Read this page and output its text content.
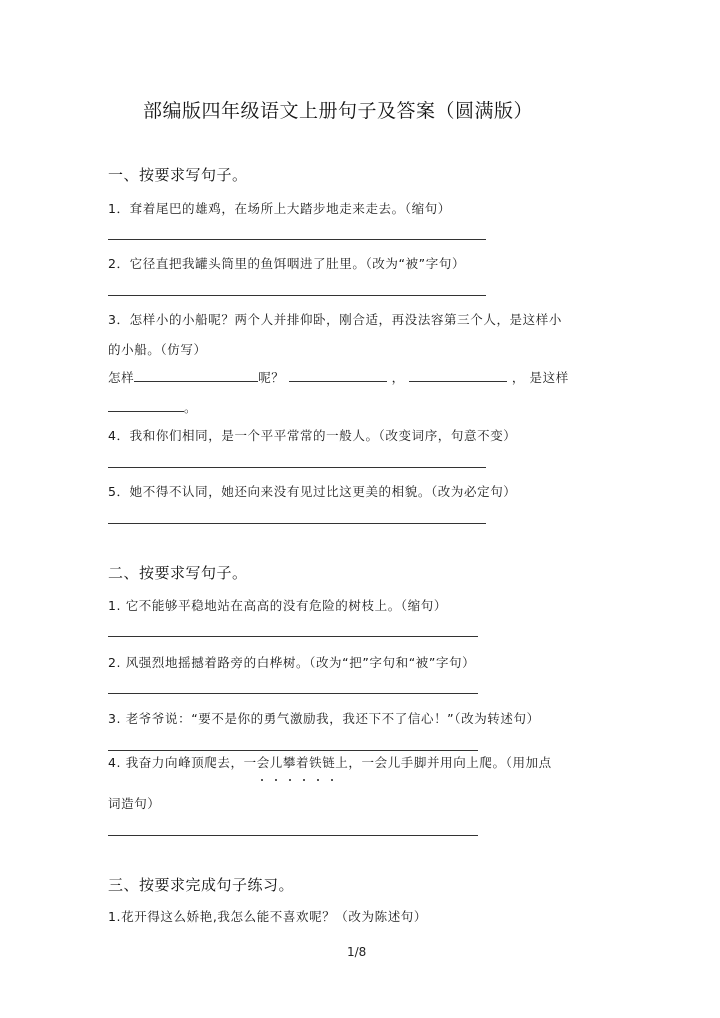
部编版四年级语文上册句子及答案（圆满版）
一、按要求写句子。
1．耷着尾巴的雄鸡，在场所上大踏步地走来走去。（缩句）
2．它径直把我罐头筒里的鱼饵咽进了肚里。（改为“被”字句）
3．怎样小的小船呢？两个人并排仰卧，刚合适，再没法容第三个人，是这样小
的小船。（仿写）
怎样	呢？	，	， 是这样
。
4．我和你们相同，是一个平平常常的一般人。（改变词序，句意不变）
5．她不得不认同，她还向来没有见过比这更美的相貌。（改为必定句）
二、按要求写句子。
1. 它不能够平稳地站在高高的没有危险的树枝上。（缩句）
2. 风强烈地摇撼着路旁的白桦树。（改为“把”字句和“被”字句）
3. 老爷爷说：“要不是你的勇气激励我，我还下不了信心！”（改为转述句）
4. 我奋力向峰顶爬去，一会儿攀着铁链上，一会儿手脚并用向上爬。（用加点
词造句）
三、按要求完成句子练习。
1.花开得这么娇艳,我怎么能不喜欢呢？（改为陈述句）
1/8
